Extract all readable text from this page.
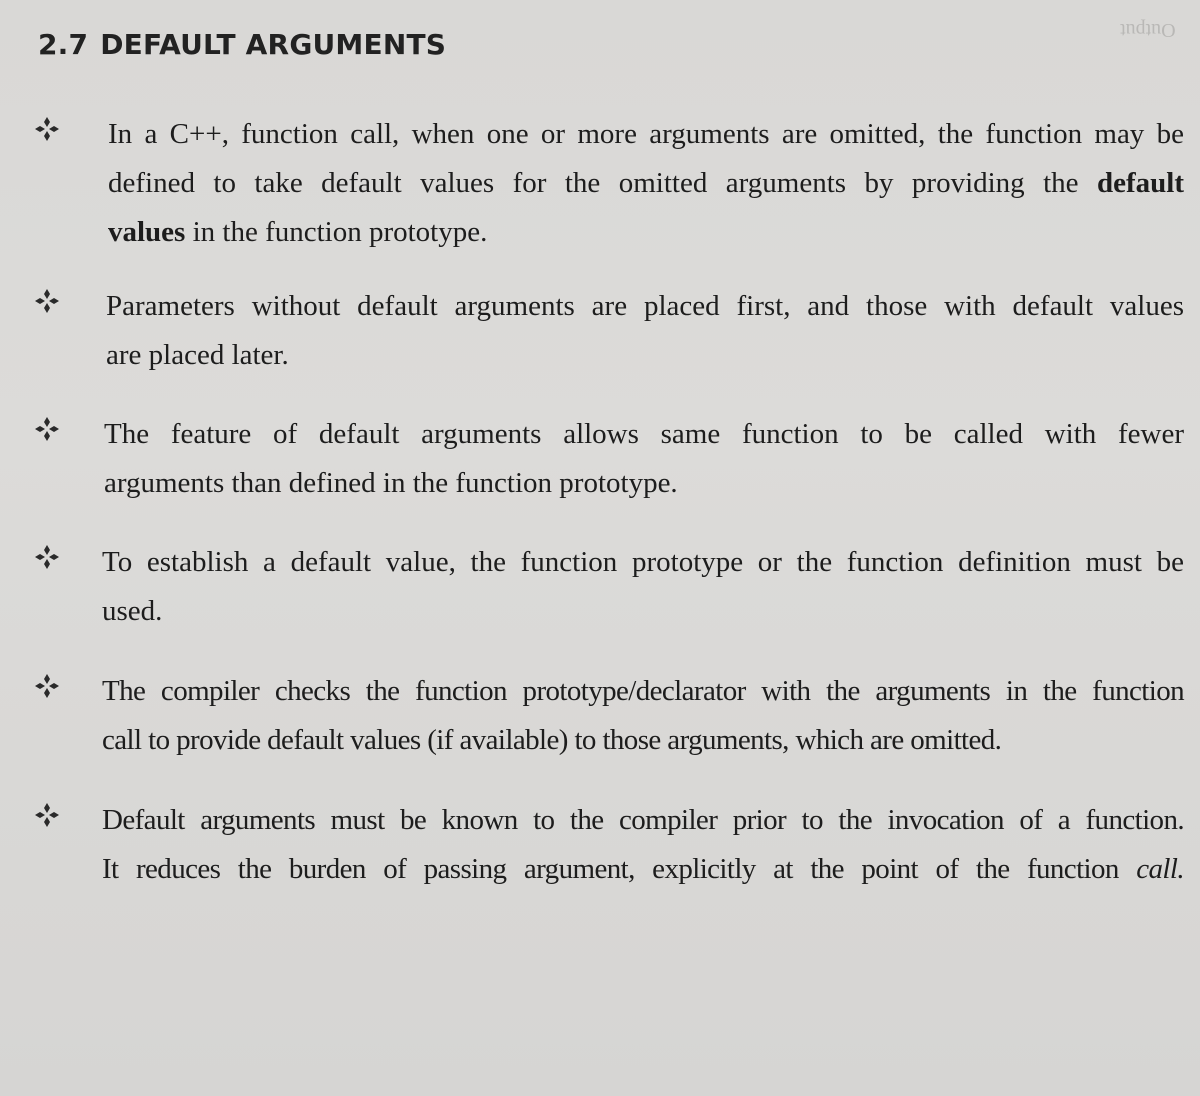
Output
2.7 DEFAULT ARGUMENTS
In a C++, function call, when one or more arguments are omitted, the function may be
defined to take default values for the omitted arguments by providing the default
values in the function prototype.
Parameters without default arguments are placed first, and those with default values
are placed later.
The feature of default arguments allows same function to be called with fewer
arguments than defined in the function prototype.
To establish a default value, the function prototype or the function definition must be
used.
The compiler checks the function prototype/declarator with the arguments in the function
call to provide default values (if available) to those arguments, which are omitted.
Default arguments must be known to the compiler prior to the invocation of a function.
It reduces the burden of passing argument, explicitly at the point of the function call.
